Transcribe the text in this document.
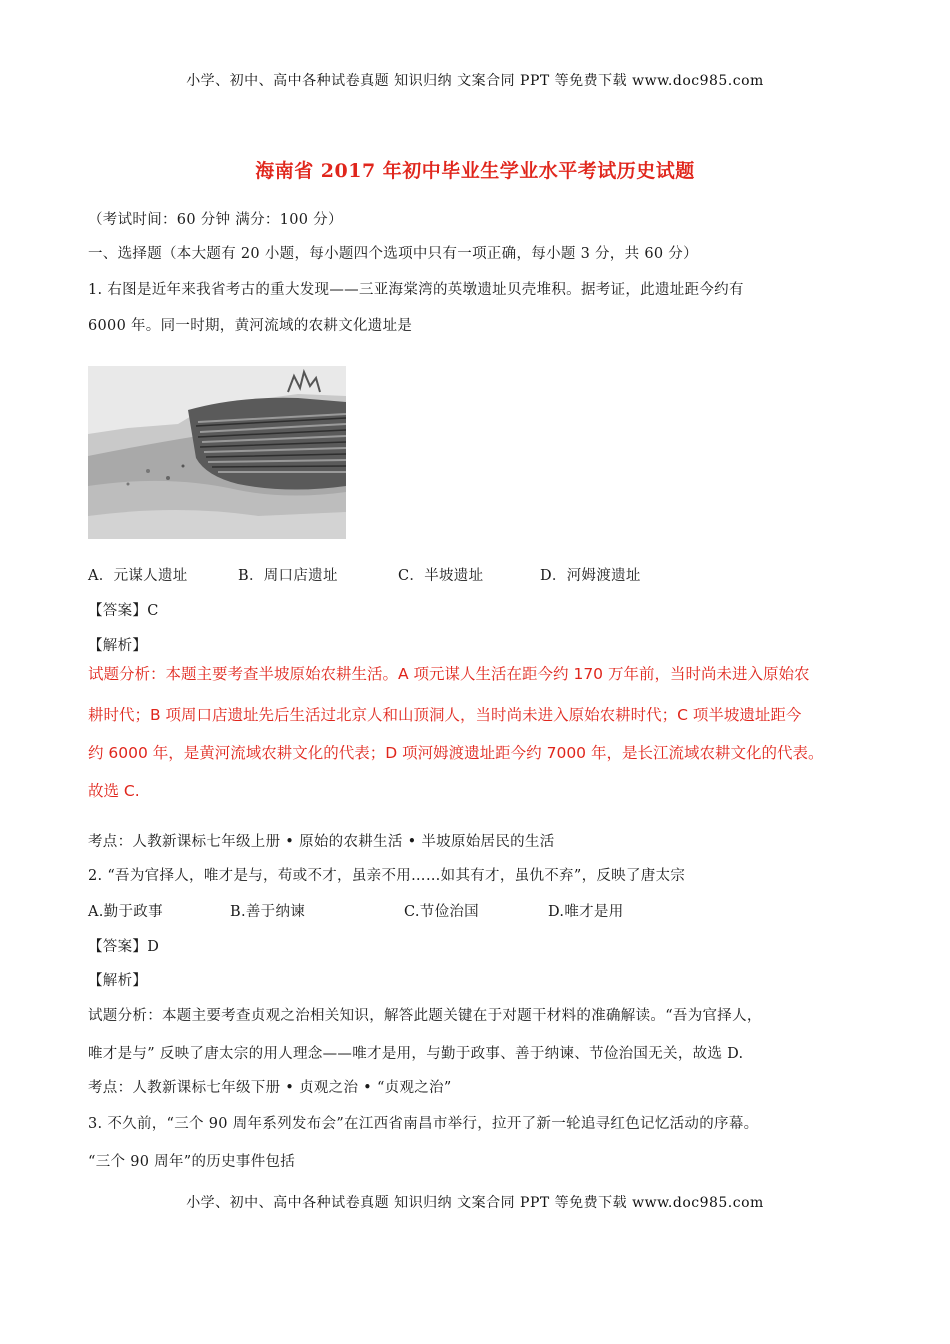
小学、初中、高中各种试卷真题 知识归纳 文案合同 PPT 等免费下载 www.doc985.com
海南省 2017 年初中毕业生学业水平考试历史试题
（考试时间：60 分钟 满分：100 分）
一、选择题（本大题有 20 小题，每小题四个选项中只有一项正确，每小题 3 分，共 60 分）
1. 右图是近年来我省考古的重大发现——三亚海棠湾的英墩遗址贝壳堆积。据考证，此遗址距今约有
6000 年。同一时期，黄河流域的农耕文化遗址是
A．元谋人遗址	B．周口店遗址	C．半坡遗址	D．河姆渡遗址
【答案】C
【解析】
试题分析：本题主要考查半坡原始农耕生活。A 项元谋人生活在距今约 170 万年前，当时尚未进入原始农
耕时代；B 项周口店遗址先后生活过北京人和山顶洞人，当时尚未进入原始农耕时代；C 项半坡遗址距今
约 6000 年，是黄河流域农耕文化的代表；D 项河姆渡遗址距今约 7000 年，是长江流域农耕文化的代表。
故选 C.
考点：人教新课标七年级上册 • 原始的农耕生活 • 半坡原始居民的生活
2. “吾为官择人，唯才是与，苟或不才，虽亲不用……如其有才，虽仇不弃”，反映了唐太宗
A.勤于政事	B.善于纳谏	C.节俭治国	D.唯才是用
【答案】D
【解析】
试题分析：本题主要考查贞观之治相关知识，解答此题关键在于对题干材料的准确解读。“吾为官择人，
唯才是与” 反映了唐太宗的用人理念——唯才是用，与勤于政事、善于纳谏、节俭治国无关，故选 D.
考点：人教新课标七年级下册 • 贞观之治 • “贞观之治”
3. 不久前，“三个 90 周年系列发布会”在江西省南昌市举行，拉开了新一轮追寻红色记忆活动的序幕。
“三个 90 周年”的历史事件包括
小学、初中、高中各种试卷真题 知识归纳 文案合同 PPT 等免费下载 www.doc985.com
